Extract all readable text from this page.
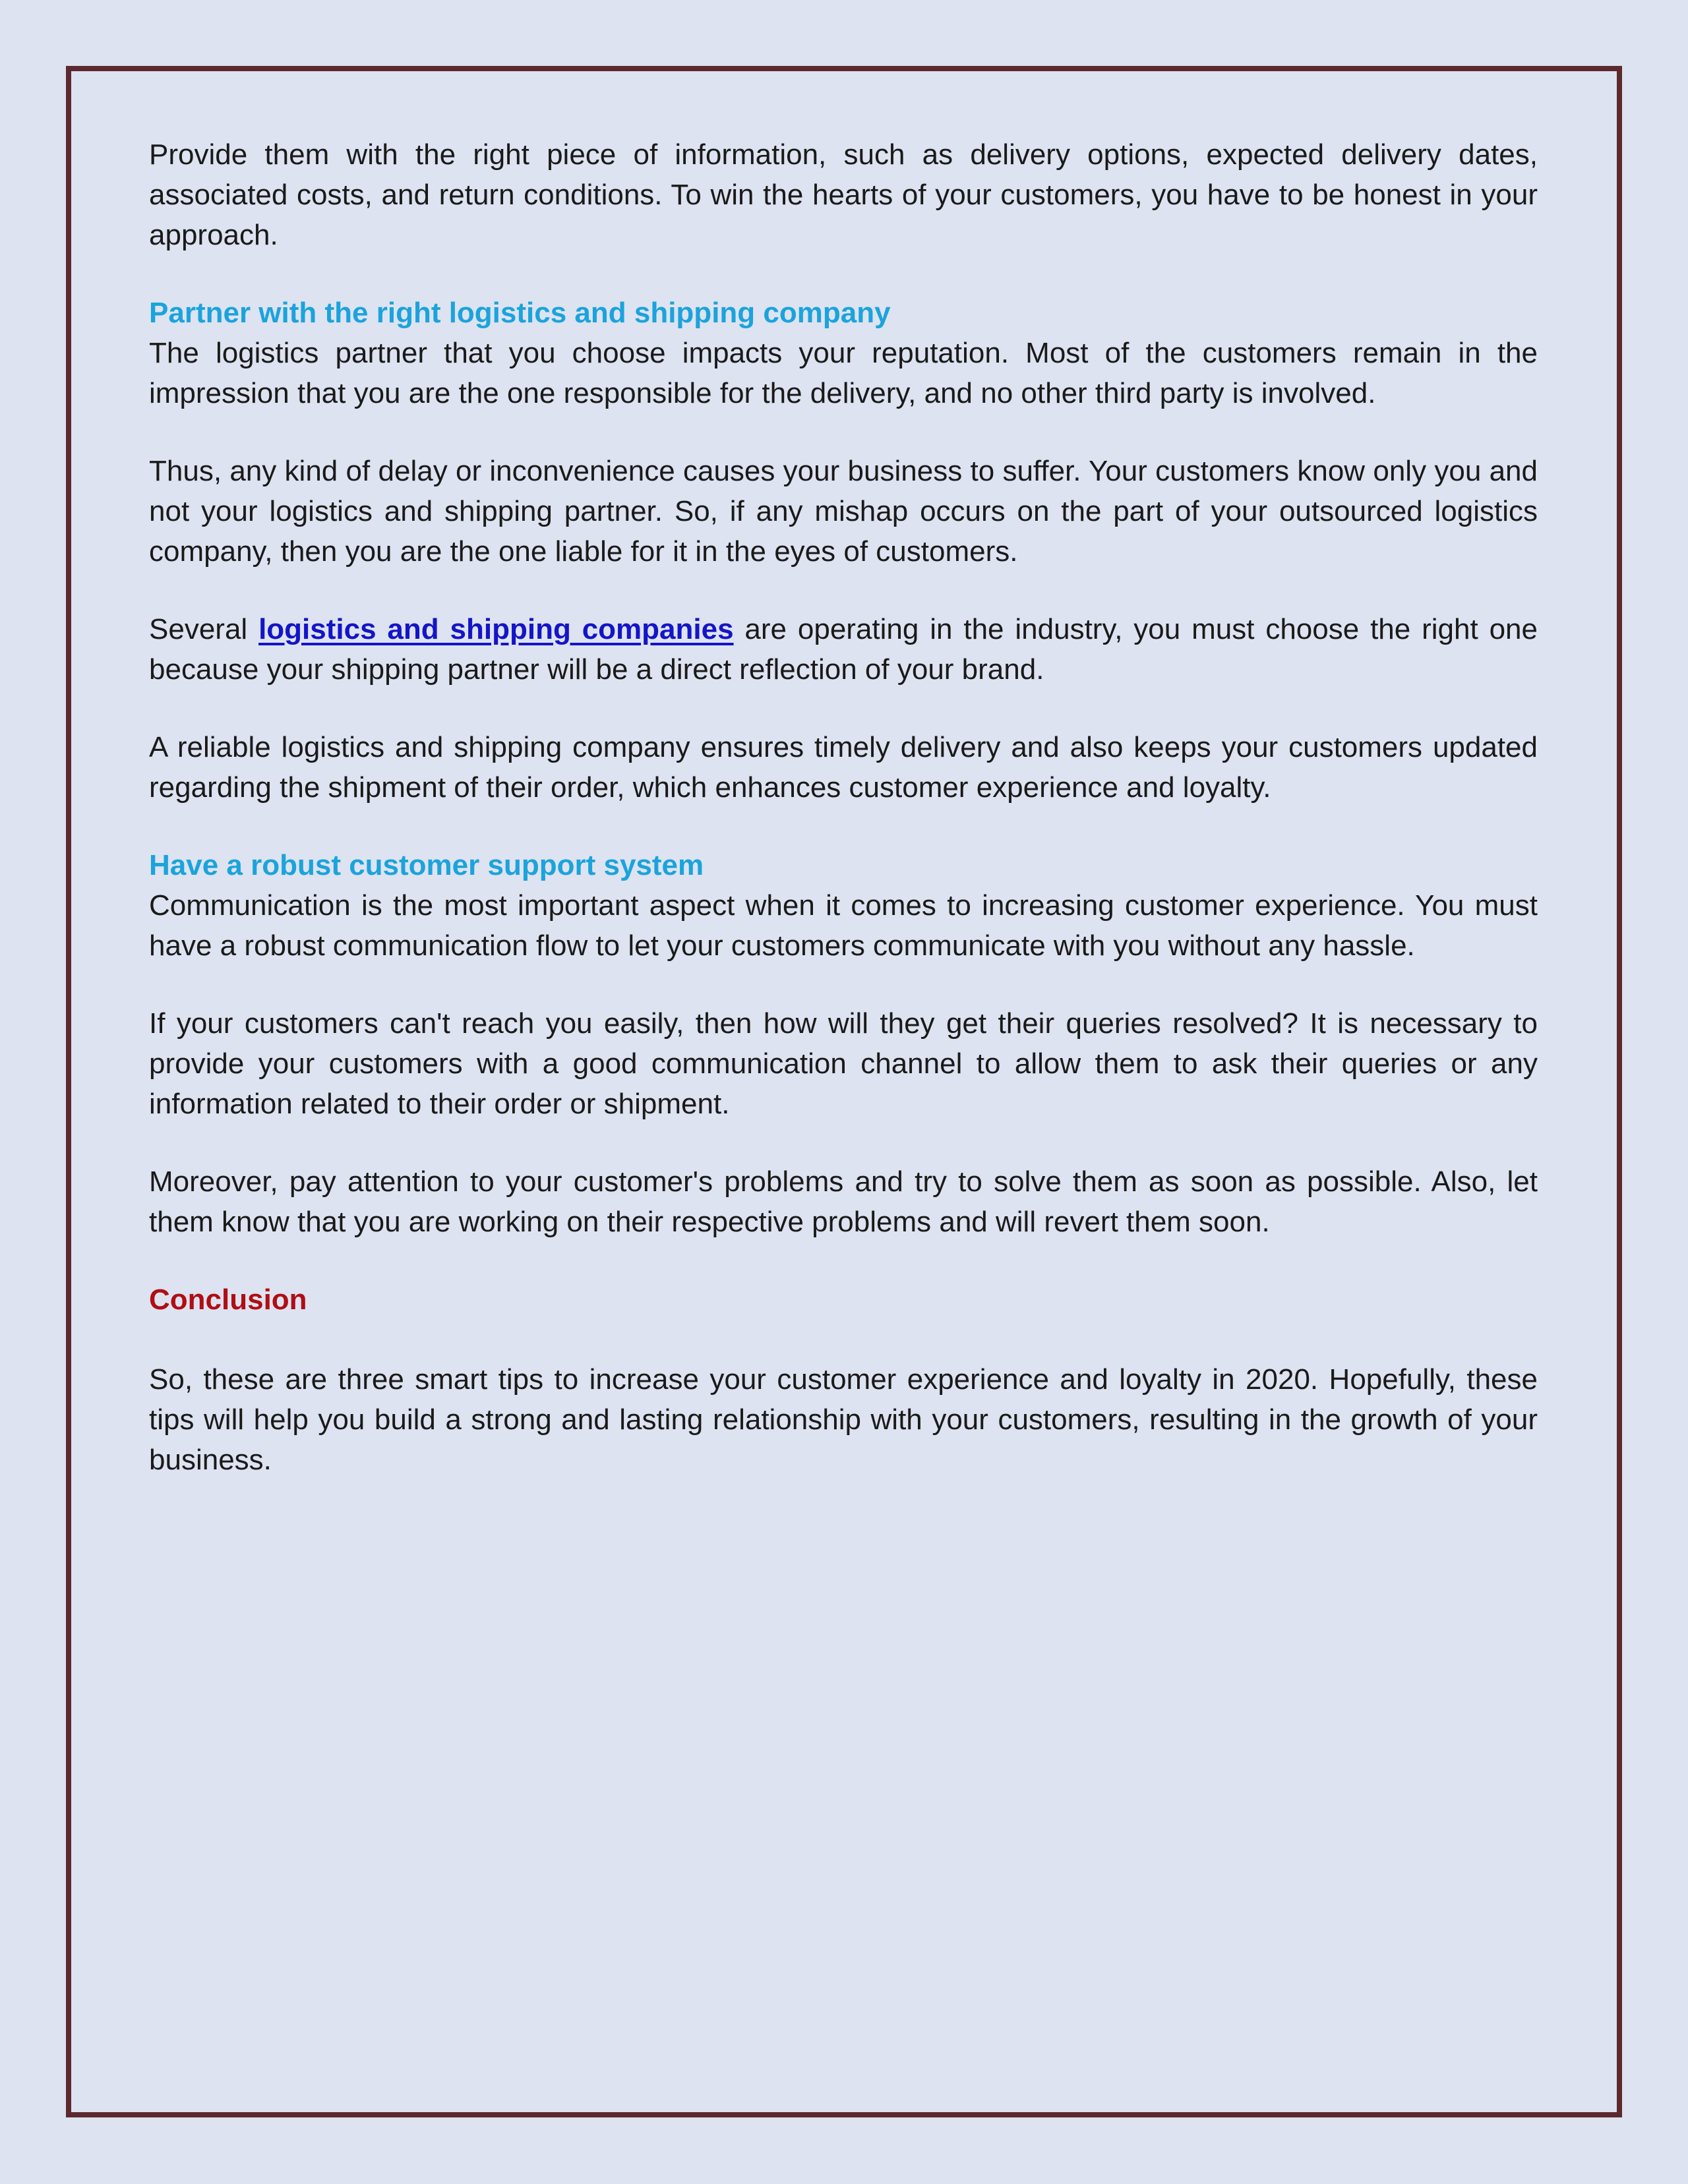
Provide them with the right piece of information, such as delivery options, expected delivery dates, associated costs, and return conditions. To win the hearts of your customers, you have to be honest in your approach.

Partner with the right logistics and shipping company

The logistics partner that you choose impacts your reputation. Most of the customers remain in the impression that you are the one responsible for the delivery, and no other third party is involved.

Thus, any kind of delay or inconvenience causes your business to suffer. Your customers know only you and not your logistics and shipping partner. So, if any mishap occurs on the part of your outsourced logistics company, then you are the one liable for it in the eyes of customers.

Several logistics and shipping companies are operating in the industry, you must choose the right one because your shipping partner will be a direct reflection of your brand.

A reliable logistics and shipping company ensures timely delivery and also keeps your customers updated regarding the shipment of their order, which enhances customer experience and loyalty.

Have a robust customer support system

Communication is the most important aspect when it comes to increasing customer experience. You must have a robust communication flow to let your customers communicate with you without any hassle.

If your customers can't reach you easily, then how will they get their queries resolved? It is necessary to provide your customers with a good communication channel to allow them to ask their queries or any information related to their order or shipment.

Moreover, pay attention to your customer's problems and try to solve them as soon as possible. Also, let them know that you are working on their respective problems and will revert them soon.

Conclusion

So, these are three smart tips to increase your customer experience and loyalty in 2020. Hopefully, these tips will help you build a strong and lasting relationship with your customers, resulting in the growth of your business.
